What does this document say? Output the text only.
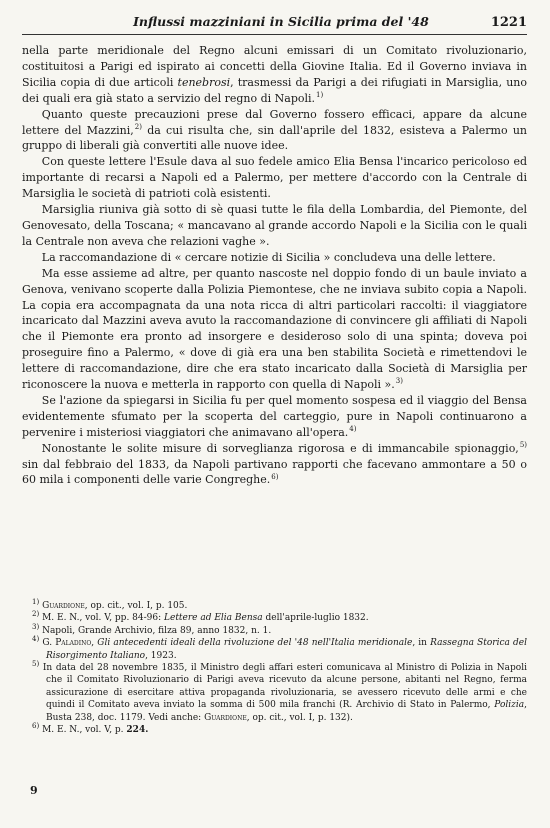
Influssi mazziniani in Sicilia prima del '48	1221

nella parte meridionale del Regno alcuni emissari di un Comitato rivoluzionario, costituitosi a Parigi ed ispirato ai concetti della Giovine Italia. Ed il Governo inviava in Sicilia copia di due articoli tenebrosi, trasmessi da Parigi a dei rifugiati in Marsiglia, uno dei quali era già stato a servizio del regno di Napoli.$^{1)}$

Quanto queste precauzioni prese dal Governo fossero efficaci, appare da alcune lettere del Mazzini,$^{2)}$ da cui risulta che, sin dall'aprile del 1832, esisteva a Palermo un gruppo di liberali già convertiti alle nuove idee.

Con queste lettere l'Esule dava al suo fedele amico Elia Bensa l'incarico pericoloso ed importante di recarsi a Napoli ed a Palermo, per mettere d'accordo con la Centrale di Marsiglia le società di patrioti colà esistenti.

Marsiglia riuniva già sotto di sè quasi tutte le fila della Lombardia, del Piemonte, del Genovesato, della Toscana; « mancavano al grande accordo Napoli e la Sicilia con le quali la Centrale non aveva che relazioni vaghe ».

La raccomandazione di « cercare notizie di Sicilia » concludeva una delle lettere.

Ma esse assieme ad altre, per quanto nascoste nel doppio fondo di un baule inviato a Genova, venivano scoperte dalla Polizia Piemontese, che ne inviava subito copia a Napoli. La copia era accompagnata da una nota ricca di altri particolari raccolti: il viaggiatore incaricato dal Mazzini aveva avuto la raccomandazione di convincere gli affiliati di Napoli che il Piemonte era pronto ad insorgere e desideroso solo di una spinta; doveva poi proseguire fino a Palermo, « dove di già era una ben stabilita Società e rimettendovi le lettere di raccomandazione, dire che era stato incaricato dalla Società di Marsiglia per riconoscere la nuova e metterla in rapporto con quella di Napoli ».$^{3)}$

Se l'azione da spiegarsi in Sicilia fu per quel momento sospesa ed il viaggio del Bensa evidentemente sfumato per la scoperta del carteggio, pure in Napoli continuarono a pervenire i misteriosi viaggiatori che animavano all'opera.$^{4)}$

Nonostante le solite misure di sorveglianza rigorosa e di immancabile spionaggio,$^{5)}$ sin dal febbraio del 1833, da Napoli partivano rapporti che facevano ammontare a 50 o 60 mila i componenti delle varie Congreghe.$^{6)}$

$^{1)}$ Guardione, op. cit., vol. I, p. 105.

$^{2)}$ M. E. N., vol. V, pp. 84-96: Lettere ad Elia Bensa dell'aprile-luglio 1832.

$^{3)}$ Napoli, Grande Archivio, filza 89, anno 1832, n. 1.

$^{4)}$ G. Paladino, Gli antecedenti ideali della rivoluzione del '48 nell'Italia meridionale, in Rassegna Storica del Risorgimento Italiano, 1923.

$^{5)}$ In data del 28 novembre 1835, il Ministro degli affari esteri comunicava al Ministro di Polizia in Napoli che il Comitato Rivoluzionario di Parigi aveva ricevuto da alcune persone, abitanti nel Regno, ferma assicurazione di esercitare attiva propaganda rivoluzionaria, se avessero ricevuto delle armi e che quindi il Comitato aveva inviato la somma di 500 mila franchi (R. Archivio di Stato in Palermo, Polizia, Busta 238, doc. 1179. Vedi anche: Guardione, op. cit., vol. I, p. 132).

$^{6)}$ M. E. N., vol. V, p. 224.

9
